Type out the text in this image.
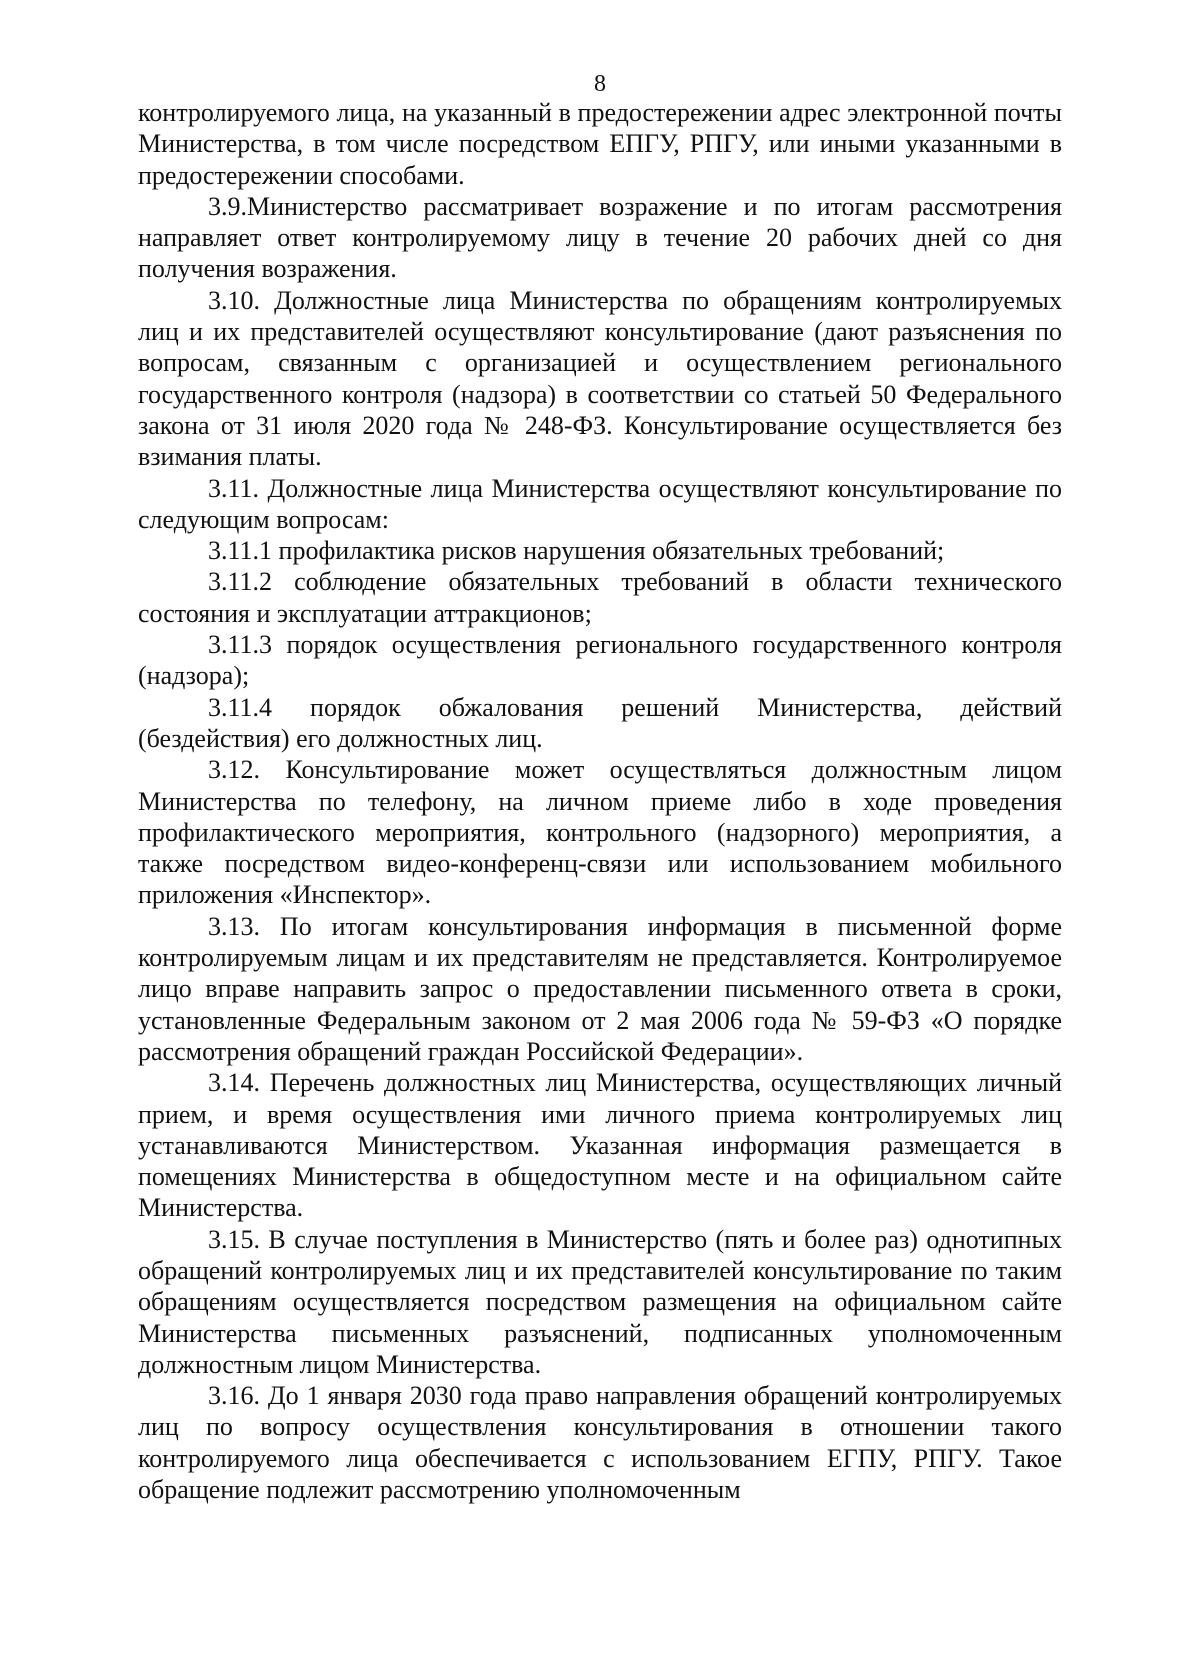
8

контролируемого лица, на указанный в предостережении адрес электронной почты Министерства, в том числе посредством ЕПГУ, РПГУ, или иными указанными в предостережении способами.

3.9.Министерство рассматривает возражение и по итогам рассмотрения направляет ответ контролируемому лицу в течение 20 рабочих дней со дня получения возражения.

3.10. Должностные лица Министерства по обращениям контролируемых лиц и их представителей осуществляют консультирование (дают разъяснения по вопросам, связанным с организацией и осуществлением регионального государственного контроля (надзора) в соответствии со статьей 50 Федерального закона от 31 июля 2020 года № 248-ФЗ. Консультирование осуществляется без взимания платы.

3.11. Должностные лица Министерства осуществляют консультирование по следующим вопросам:

3.11.1 профилактика рисков нарушения обязательных требований;

3.11.2 соблюдение обязательных требований в области технического состояния и эксплуатации аттракционов;

3.11.3 порядок осуществления регионального государственного контроля (надзора);

3.11.4 порядок обжалования решений Министерства, действий (бездействия) его должностных лиц.

3.12. Консультирование может осуществляться должностным лицом Министерства по телефону, на личном приеме либо в ходе проведения профилактического мероприятия, контрольного (надзорного) мероприятия, а также посредством видео-конференц-связи или использованием мобильного приложения «Инспектор».

3.13. По итогам консультирования информация в письменной форме контролируемым лицам и их представителям не представляется. Контролируемое лицо вправе направить запрос о предоставлении письменного ответа в сроки, установленные Федеральным законом от 2 мая 2006 года № 59-ФЗ «О порядке рассмотрения обращений граждан Российской Федерации».

3.14. Перечень должностных лиц Министерства, осуществляющих личный прием, и время осуществления ими личного приема контролируемых лиц устанавливаются Министерством. Указанная информация размещается в помещениях Министерства в общедоступном месте и на официальном сайте Министерства.

3.15. В случае поступления в Министерство (пять и более раз) однотипных обращений контролируемых лиц и их представителей консультирование по таким обращениям осуществляется посредством размещения на официальном сайте Министерства письменных разъяснений, подписанных уполномоченным должностным лицом Министерства.

3.16. До 1 января 2030 года право направления обращений контролируемых лиц по вопросу осуществления консультирования в отношении такого контролируемого лица обеспечивается с использованием ЕГПУ, РПГУ. Такое обращение подлежит рассмотрению уполномоченным
